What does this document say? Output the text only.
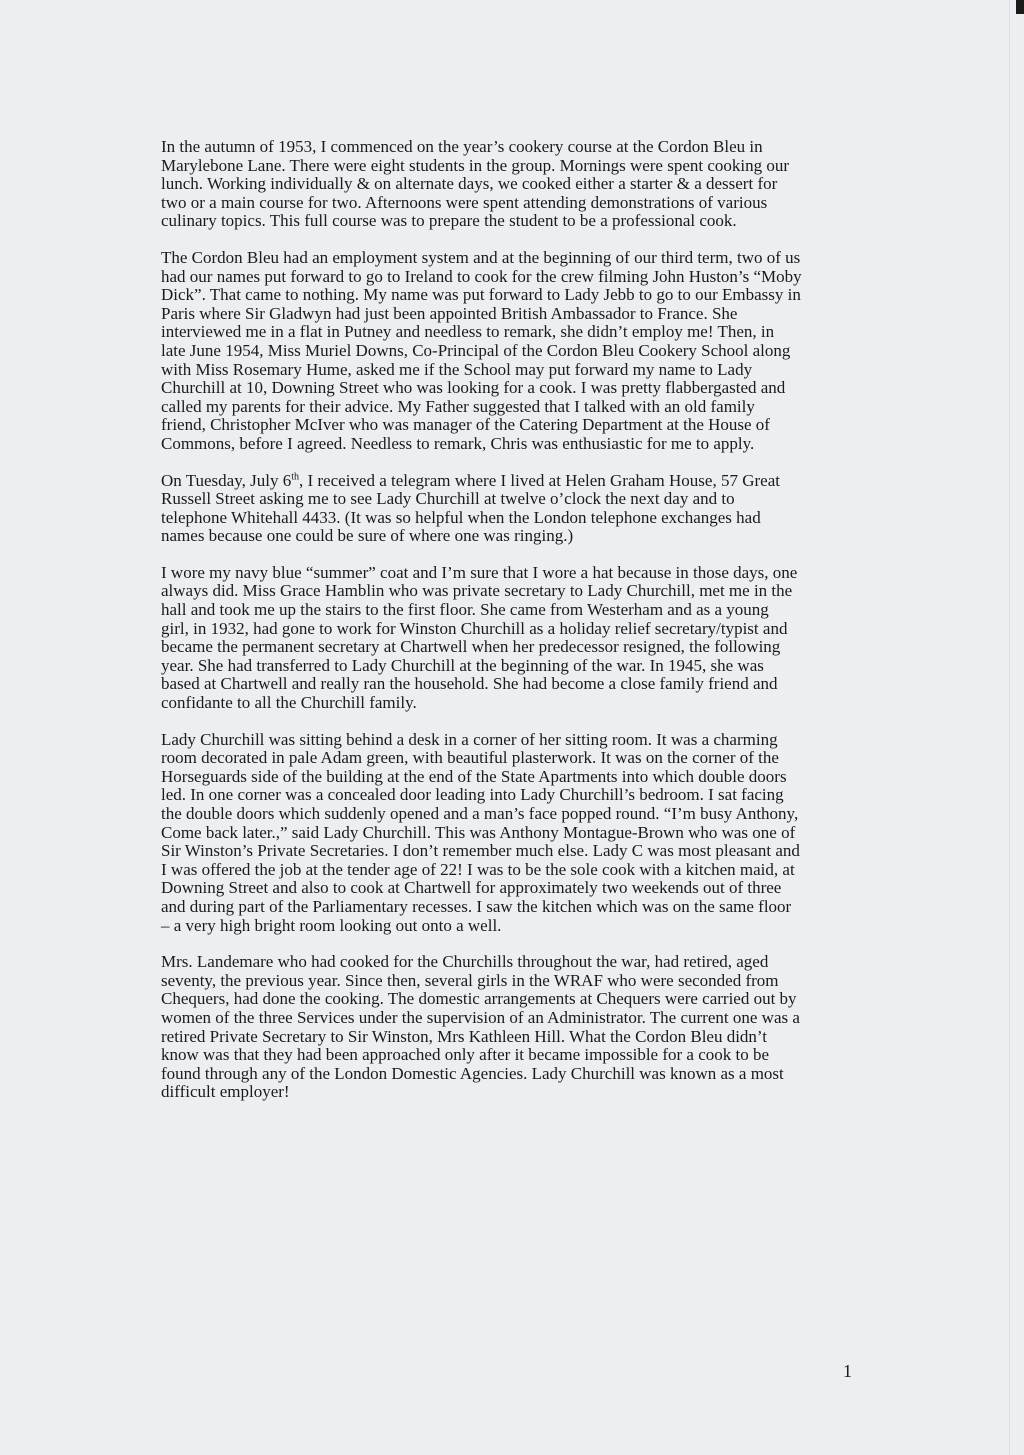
In the autumn of 1953, I commenced on the year’s cookery course at the Cordon Bleu in
Marylebone Lane. There were eight students in the group. Mornings were spent cooking our
lunch. Working individually & on alternate days, we cooked either a starter & a dessert for
two or a main course for two. Afternoons were spent attending demonstrations of various
culinary topics. This full course was to prepare the student to be a professional cook.

The Cordon Bleu had an employment system and at the beginning of our third term, two of us
had our names put forward to go to Ireland to cook for the crew filming John Huston’s “Moby
Dick”. That came to nothing. My name was put forward to Lady Jebb to go to our Embassy in
Paris where Sir Gladwyn had just been appointed British Ambassador to France. She
interviewed me in a flat in Putney and needless to remark, she didn’t employ me! Then, in
late June 1954, Miss Muriel Downs, Co-Principal of the Cordon Bleu Cookery School along
with Miss Rosemary Hume, asked me if the School may put forward my name to Lady
Churchill at 10, Downing Street who was looking for a cook. I was pretty flabbergasted and
called my parents for their advice. My Father suggested that I talked with an old family
friend, Christopher McIver who was manager of the Catering Department at the House of
Commons, before I agreed. Needless to remark, Chris was enthusiastic for me to apply.

On Tuesday, July 6th, I received a telegram where I lived at Helen Graham House, 57 Great
Russell Street asking me to see Lady Churchill at twelve o’clock the next day and to
telephone Whitehall 4433. (It was so helpful when the London telephone exchanges had
names because one could be sure of where one was ringing.)

I wore my navy blue “summer” coat and I’m sure that I wore a hat because in those days, one
always did. Miss Grace Hamblin who was private secretary to Lady Churchill, met me in the
hall and took me up the stairs to the first floor. She came from Westerham and as a young
girl, in 1932, had gone to work for Winston Churchill as a holiday relief secretary/typist and
became the permanent secretary at Chartwell when her predecessor resigned, the following
year. She had transferred to Lady Churchill at the beginning of the war. In 1945, she was
based at Chartwell and really ran the household. She had become a close family friend and
confidante to all the Churchill family.

Lady Churchill was sitting behind a desk in a corner of her sitting room. It was a charming
room decorated in pale Adam green, with beautiful plasterwork. It was on the corner of the
Horseguards side of the building at the end of the State Apartments into which double doors
led. In one corner was a concealed door leading into Lady Churchill’s bedroom. I sat facing
the double doors which suddenly opened and a man’s face popped round. “I’m busy Anthony,
Come back later.,” said Lady Churchill. This was Anthony Montague-Brown who was one of
Sir Winston’s Private Secretaries. I don’t remember much else. Lady C was most pleasant and
I was offered the job at the tender age of 22! I was to be the sole cook with a kitchen maid, at
Downing Street and also to cook at Chartwell for approximately two weekends out of three
and during part of the Parliamentary recesses. I saw the kitchen which was on the same floor
– a very high bright room looking out onto a well.

Mrs. Landemare who had cooked for the Churchills throughout the war, had retired, aged
seventy, the previous year. Since then, several girls in the WRAF who were seconded from
Chequers, had done the cooking. The domestic arrangements at Chequers were carried out by
women of the three Services under the supervision of an Administrator. The current one was a
retired Private Secretary to Sir Winston, Mrs Kathleen Hill. What the Cordon Bleu didn’t
know was that they had been approached only after it became impossible for a cook to be
found through any of the London Domestic Agencies. Lady Churchill was known as a most
difficult employer!

1
